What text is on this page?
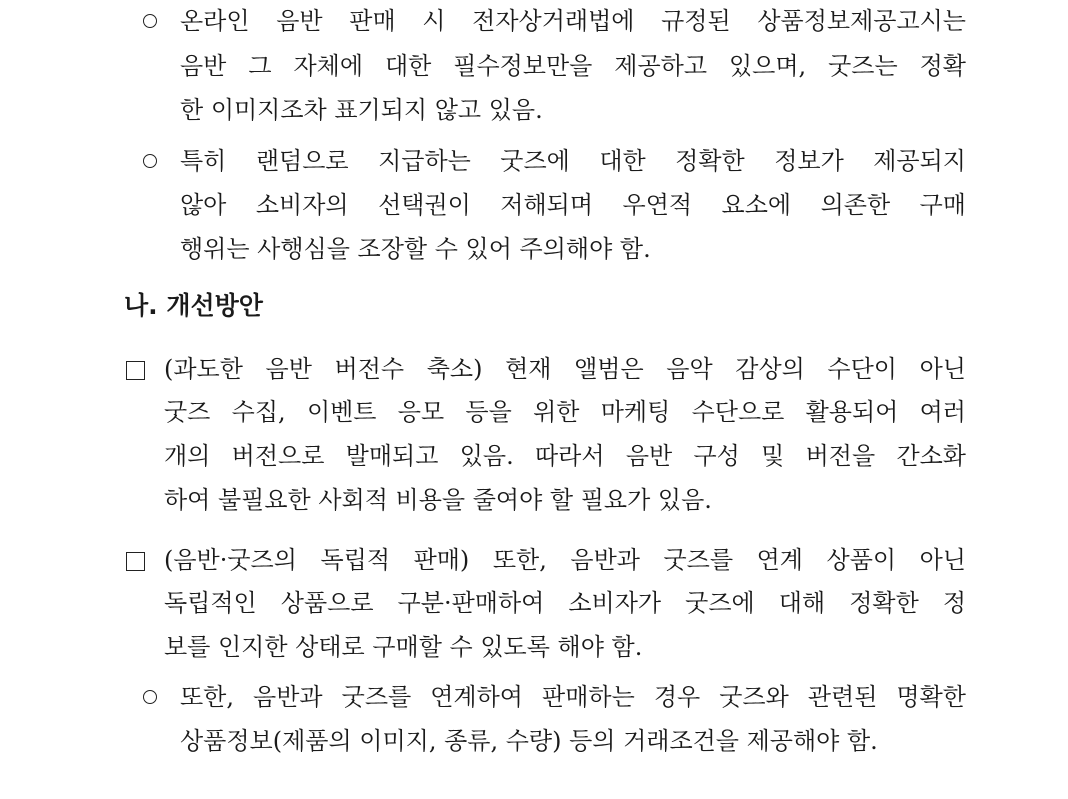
온라인 음반 판매 시 전자상거래법에 규정된 상품정보제공고시는
음반 그 자체에 대한 필수정보만을 제공하고 있으며, 굿즈는 정확
한 이미지조차 표기되지 않고 있음.
특히 랜덤으로 지급하는 굿즈에 대한 정확한 정보가 제공되지
않아 소비자의 선택권이 저해되며 우연적 요소에 의존한 구매
행위는 사행심을 조장할 수 있어 주의해야 함.
나. 개선방안
(과도한 음반 버전수 축소) 현재 앨범은 음악 감상의 수단이 아닌
굿즈 수집, 이벤트 응모 등을 위한 마케팅 수단으로 활용되어 여러
개의 버전으로 발매되고 있음. 따라서 음반 구성 및 버전을 간소화
하여 불필요한 사회적 비용을 줄여야 할 필요가 있음.
(음반·굿즈의 독립적 판매) 또한, 음반과 굿즈를 연계 상품이 아닌
독립적인 상품으로 구분·판매하여 소비자가 굿즈에 대해 정확한 정
보를 인지한 상태로 구매할 수 있도록 해야 함.
또한, 음반과 굿즈를 연계하여 판매하는 경우 굿즈와 관련된 명확한
상품정보(제품의 이미지, 종류, 수량) 등의 거래조건을 제공해야 함.
